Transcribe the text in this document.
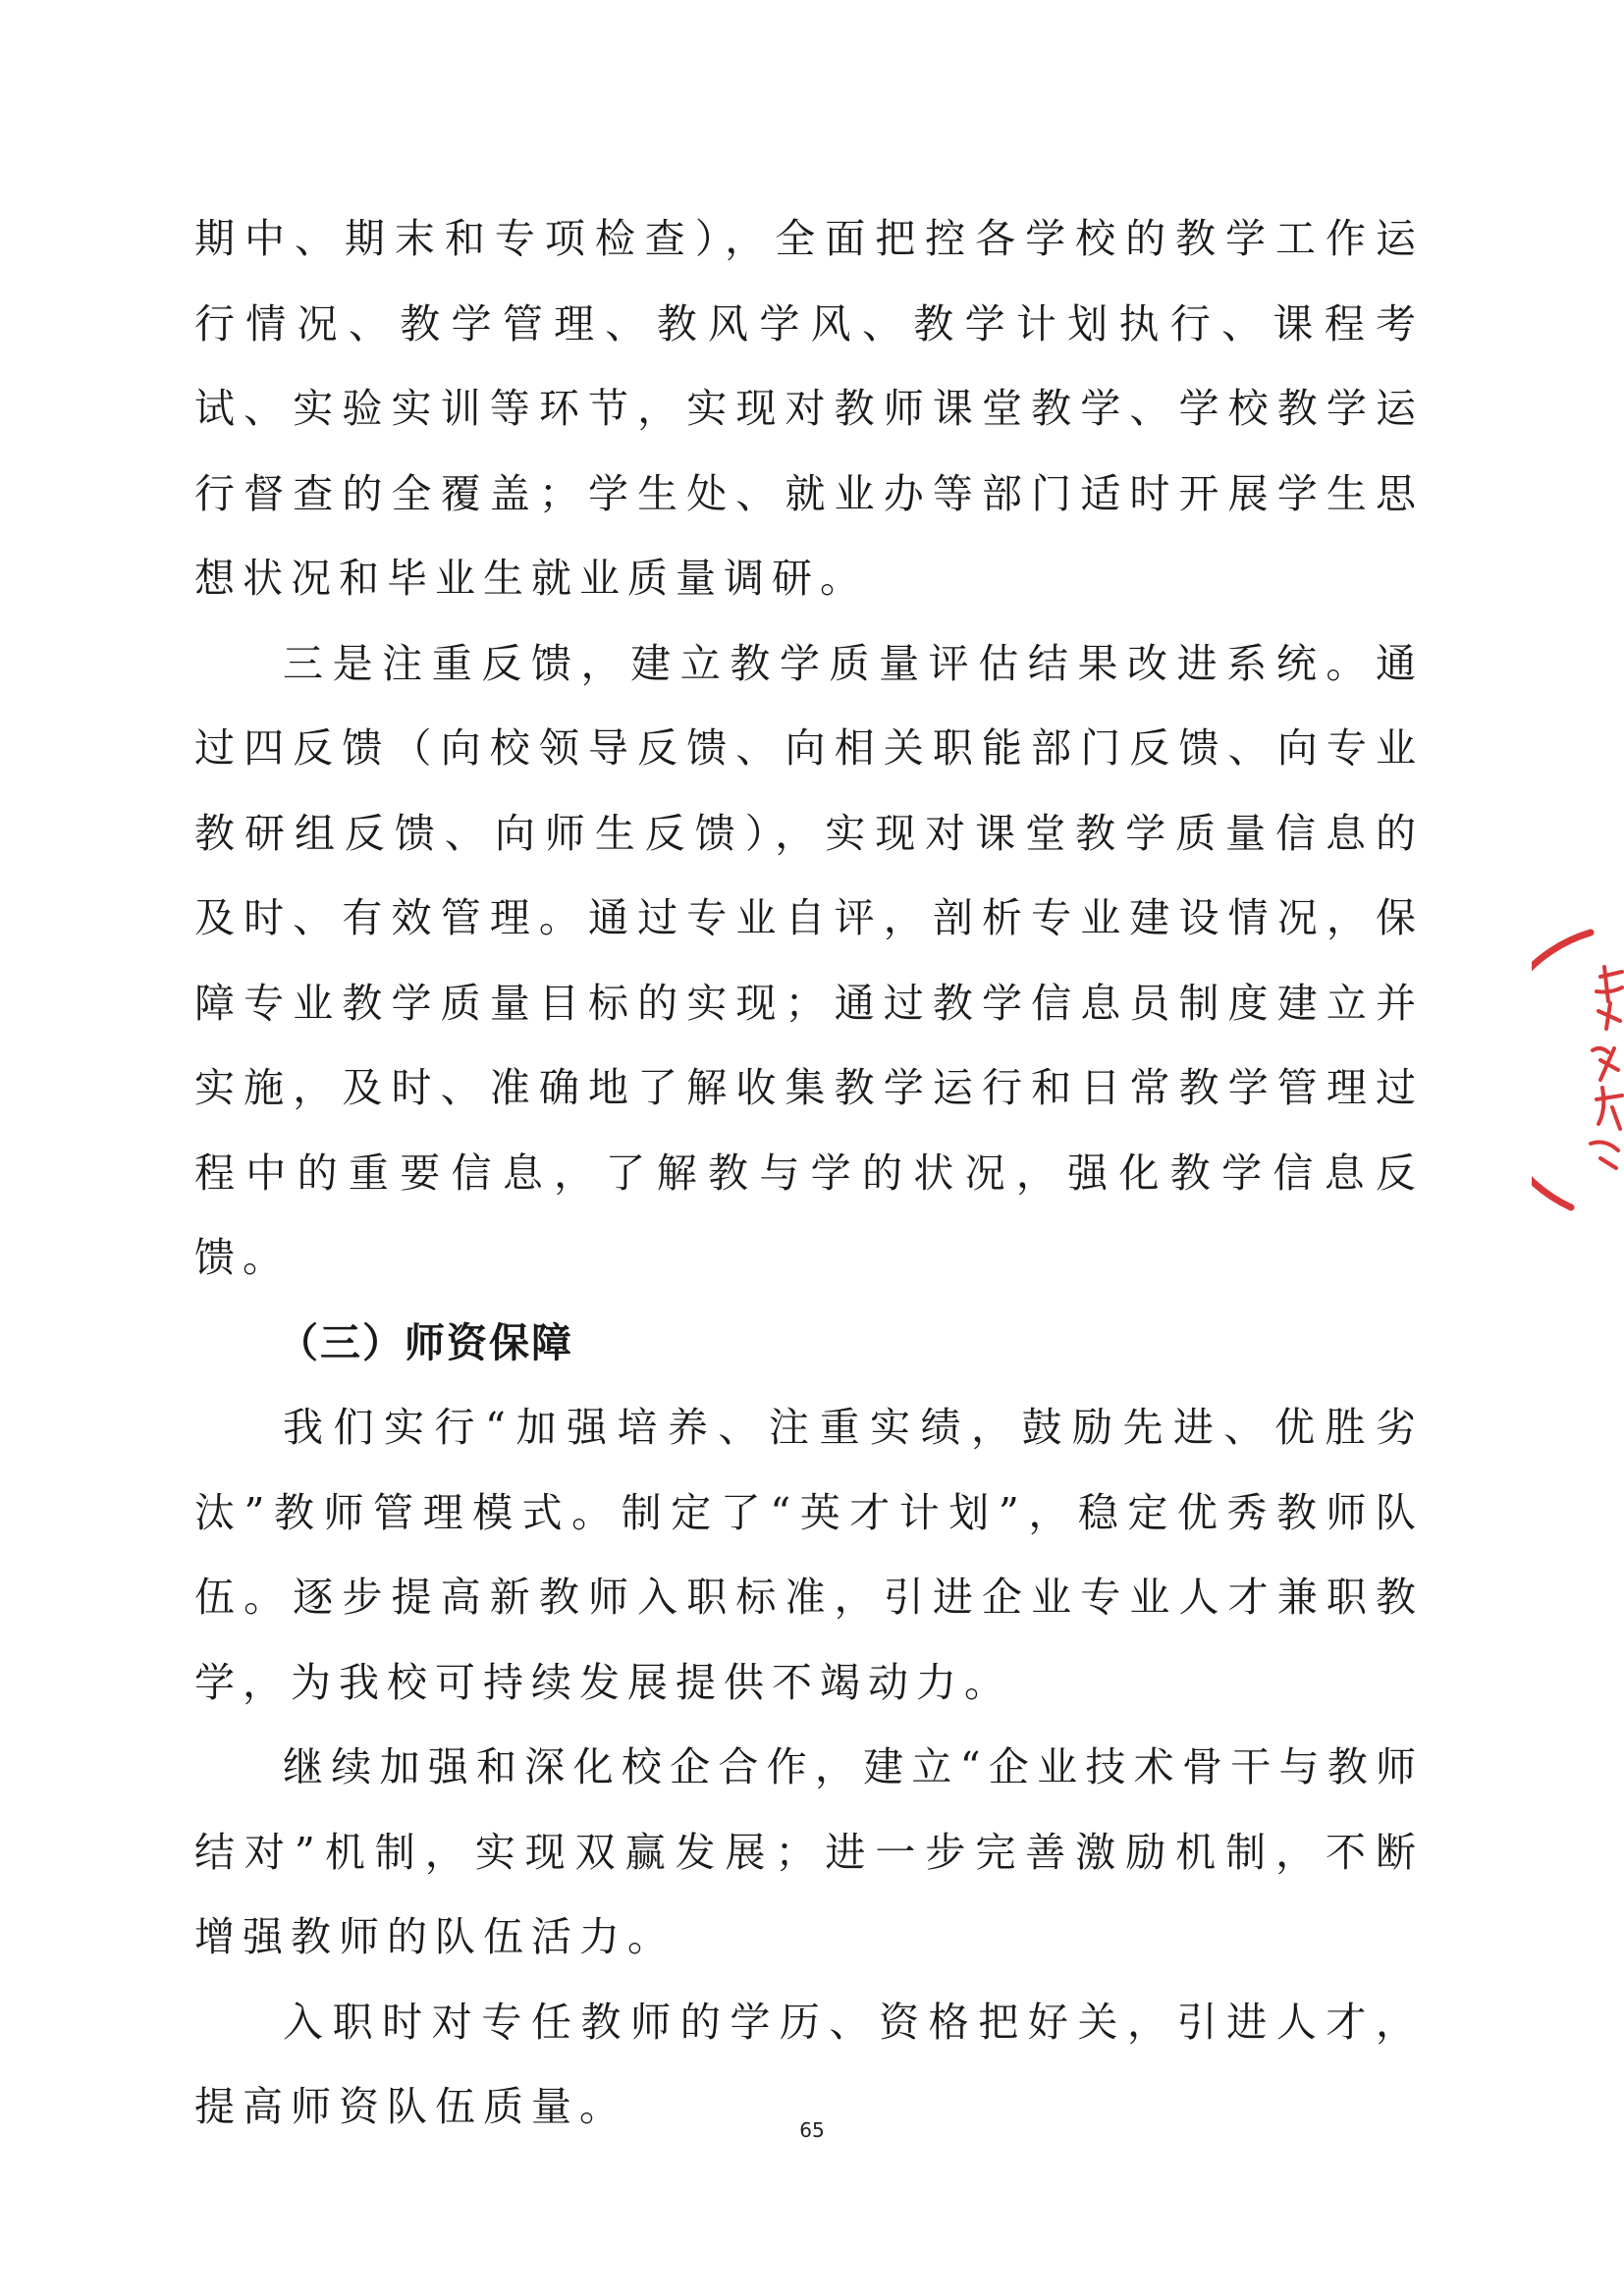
期中、期末和专项检查），全面把控各学校的教学工作运行情况、教学管理、教风学风、教学计划执行、课程考试、实验实训等环节，实现对教师课堂教学、学校教学运行督查的全覆盖；学生处、就业办等部门适时开展学生思想状况和毕业生就业质量调研。

三是注重反馈，建立教学质量评估结果改进系统。通过四反馈（向校领导反馈、向相关职能部门反馈、向专业教研组反馈、向师生反馈），实现对课堂教学质量信息的及时、有效管理。通过专业自评，剖析专业建设情况，保障专业教学质量目标的实现；通过教学信息员制度建立并实施，及时、准确地了解收集教学运行和日常教学管理过程中的重要信息，了解教与学的状况，强化教学信息反馈。

（三）师资保障

我们实行“加强培养、注重实绩，鼓励先进、优胜劣汰”教师管理模式。制定了“英才计划”，稳定优秀教师队伍。逐步提高新教师入职标准，引进企业专业人才兼职教学，为我校可持续发展提供不竭动力。

继续加强和深化校企合作，建立“企业技术骨干与教师结对”机制，实现双赢发展；进一步完善激励机制，不断增强教师的队伍活力。

入职时对专任教师的学历、资格把好关，引进人才，提高师资队伍质量。	65
